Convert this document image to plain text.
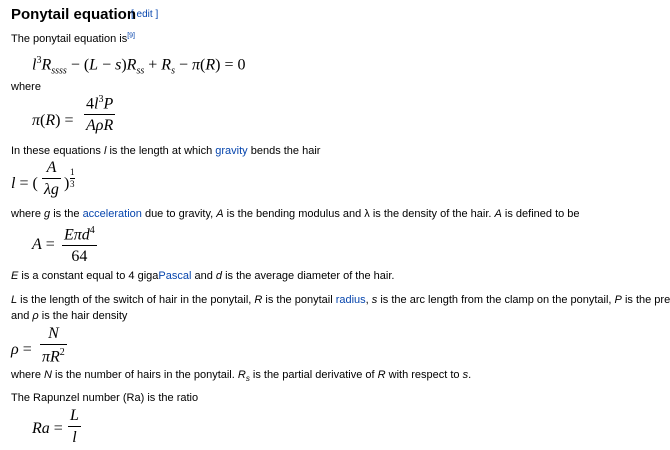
Ponytail equation
[ edit ]
The ponytail equation is[9]
$l^3R_{ssss} - (L - s)R_{ss} + R_s - \pi(R) = 0$
where
π(R) =
$4l^3P$
AρR
In these equations l is the length at which gravity bends the hair
l = (
A
λg )
1
3
where g is the acceleration due to gravity, A is the bending modulus and λ is the density of the hair. A is defined to be
A =
Eπd$^4$
64
E is a constant equal to 4 gigaPascal and d is the average diameter of the hair.
L is the length of the switch of hair in the ponytail, R is the ponytail radius, s is the arc length from the clamp on the ponytail, P is the pre
and ρ is the hair density
ρ =
N
$\pi R^2$
where N is the number of hairs in the ponytail. $R_s$ is the partial derivative of R with respect to s.
The Rapunzel number (Ra) is the ratio
Ra =
L
l
